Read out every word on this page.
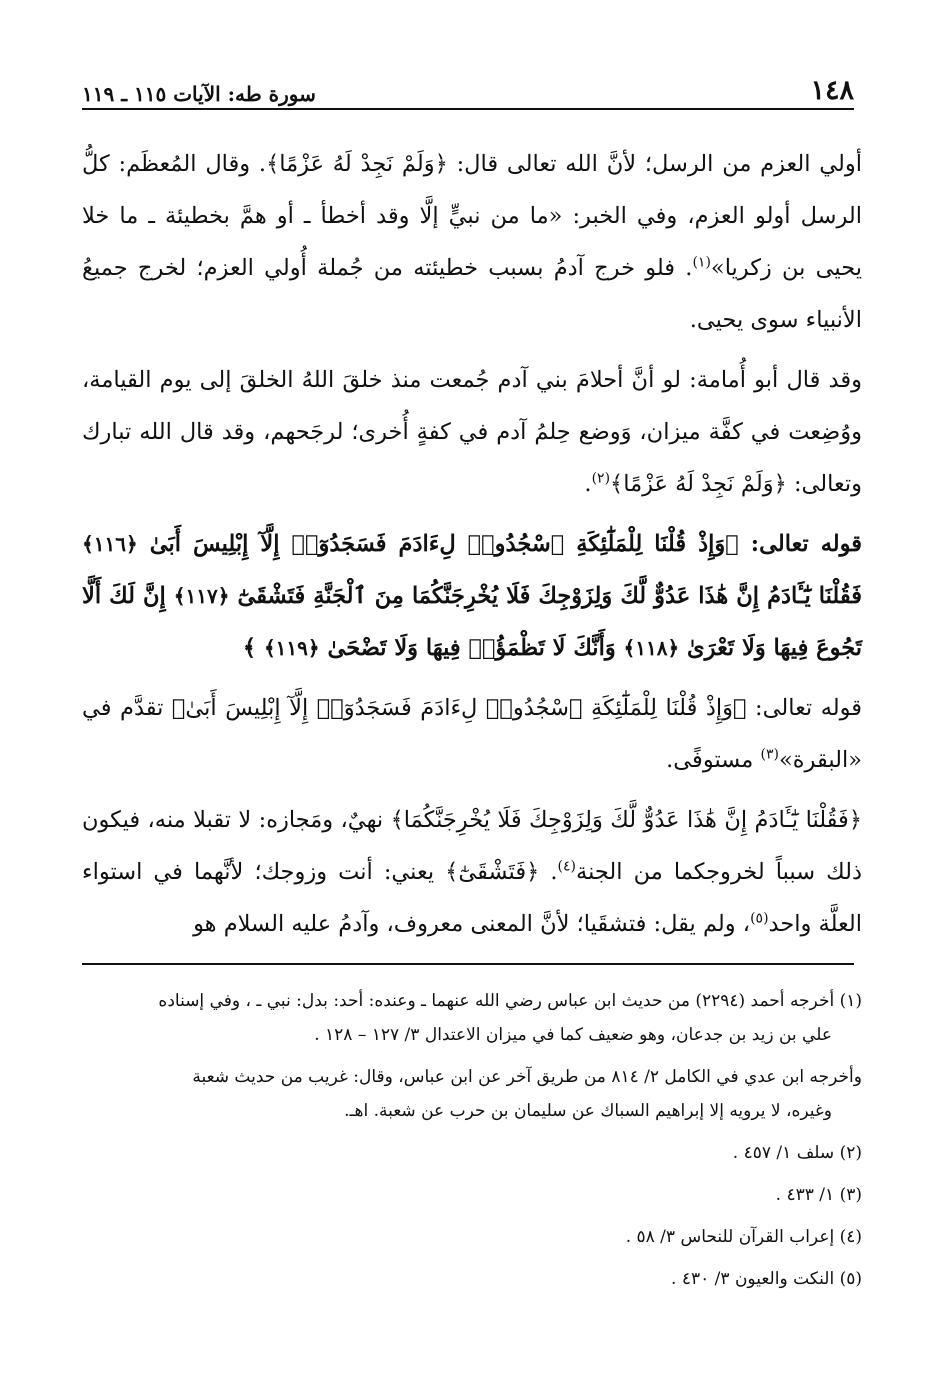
١٤٨
سورة طه: الآيات ١١٥ ـ ١١٩

أولي العزم من الرسل؛ لأنَّ الله تعالى قال: ﴿وَلَمْ نَجِدْ لَهُ عَزْمًا﴾. وقال المُعظَم: كلُّ الرسل أولو العزم، وفي الخبر: «ما من نبيٍّ إلَّا وقد أخطأ ـ أو همَّ بخطيئة ـ ما خلا يحيى بن زكريا»$^{(١)}$. فلو خرج آدمُ بسبب خطيئته من جُملة أُولي العزم؛ لخرج جميعُ الأنبياء سوى يحيى.

وقد قال أبو أُمامة: لو أنَّ أحلامَ بني آدم جُمعت منذ خلقَ اللهُ الخلقَ إلى يوم القيامة، ووُضِعت في كفَّة ميزان، وَوضع حِلمُ آدم في كفةٍ أُخرى؛ لرجَحهم، وقد قال الله تبارك وتعالى: ﴿وَلَمْ نَجِدْ لَهُ عَزْمًا﴾$^{(٢)}$.

قوله تعالى: ﴿وَإِذْ قُلْنَا لِلْمَلَٰٓئِكَةِ ٱسْجُدُوا۟ لِءَادَمَ فَسَجَدُوٓا۟ إِلَّآ إِبْلِيسَ أَبَىٰ ﴿١١٦﴾ فَقُلْنَا يَٰٓـَٔادَمُ إِنَّ هَٰذَا عَدُوٌّ لَّكَ وَلِزَوْجِكَ فَلَا يُخْرِجَنَّكُمَا مِنَ ٱلْجَنَّةِ فَتَشْقَىٰٓ ﴿١١٧﴾ إِنَّ لَكَ أَلَّا تَجُوعَ فِيهَا وَلَا تَعْرَىٰ ﴿١١٨﴾ وَأَنَّكَ لَا تَظْمَؤُا۟ فِيهَا وَلَا تَضْحَىٰ ﴿١١٩﴾ ﴾

قوله تعالى: ﴿وَإِذْ قُلْنَا لِلْمَلَٰٓئِكَةِ ٱسْجُدُوا۟ لِءَادَمَ فَسَجَدُوٓا۟ إِلَّآ إِبْلِيسَ أَبَىٰ﴾ تقدَّم في «البقرة»$^{(٣)}$ مستوفًى.

﴿فَقُلْنَا يَٰٓـَٔادَمُ إِنَّ هَٰذَا عَدُوٌّ لَّكَ وَلِزَوْجِكَ فَلَا يُخْرِجَنَّكُمَا﴾ نهيٌ، ومَجازه: لا تقبلا منه، فيكون ذلك سبباً لخروجكما من الجنة$^{(٤)}$. ﴿فَتَشْقَىٰٓ﴾ يعني: أنت وزوجك؛ لأنَّهما في استواء العلَّة واحد$^{(٥)}$، ولم يقل: فتشقَيا؛ لأنَّ المعنى معروف، وآدمُ عليه السلام هو

(١) أخرجه أحمد (٢٢٩٤) من حديث ابن عباس رضي الله عنهما ـ وعنده: أحد: بدل: نبي ـ ، وفي إسناده
علي بن زيد بن جدعان، وهو ضعيف كما في ميزان الاعتدال ٣/ ١٢٧ – ١٢٨ .
وأخرجه ابن عدي في الكامل ٢/ ٨١٤ من طريق آخر عن ابن عباس، وقال: غريب من حديث شعبة
وغيره، لا يرويه إلا إبراهيم السباك عن سليمان بن حرب عن شعبة. اهـ.
(٢) سلف ١/ ٤٥٧ .
(٣) ١/ ٤٣٣ .
(٤) إعراب القرآن للنحاس ٣/ ٥٨ .
(٥) النكت والعيون ٣/ ٤٣٠ .
